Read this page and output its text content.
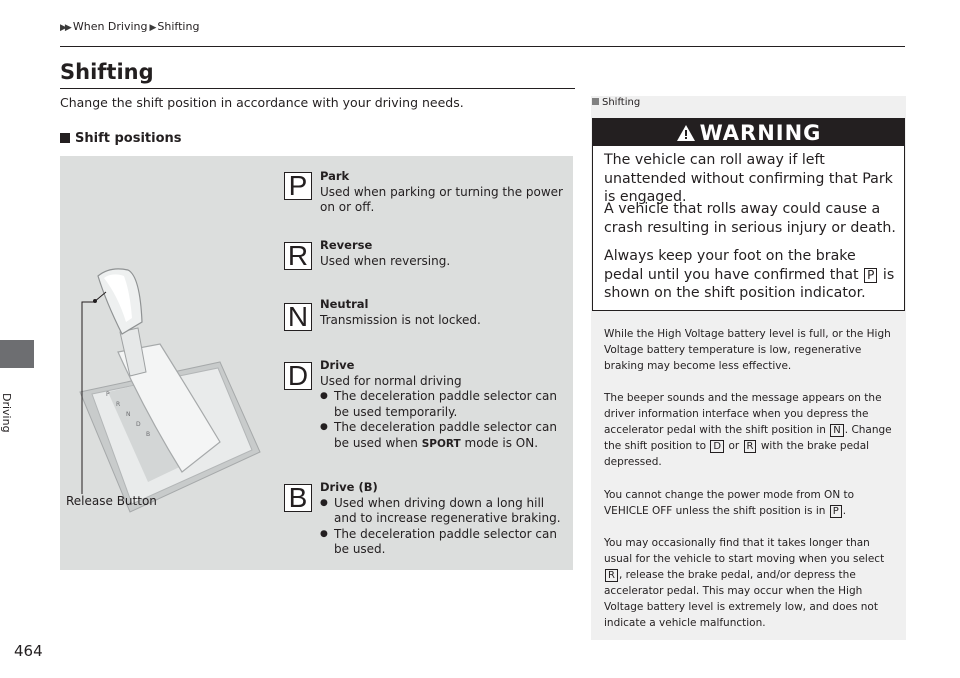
▶▶ When Driving ▶ Shifting
Driving
464
Shifting
Change the shift position in accordance with your driving needs.
Shift positions
P
R
N
D
B
Release Button
P
R
N
D
B
Park
Used when parking or turning the power on or off.
Reverse
Used when reversing.
Neutral
Transmission is not locked.
Drive
Used for normal driving
● The deceleration paddle selector can be used temporarily.
● The deceleration paddle selector can be used when SPORT mode is ON.
Drive (B)
● Used when driving down a long hill and to increase regenerative braking.
● The deceleration paddle selector can be used.
Shifting
WARNING
The vehicle can roll away if left unattended without confirming that Park is engaged.
A vehicle that rolls away could cause a crash resulting in serious injury or death.
Always keep your foot on the brake pedal until you have confirmed that P is shown on the shift position indicator.
While the High Voltage battery level is full, or the High Voltage battery temperature is low, regenerative braking may become less effective.
The beeper sounds and the message appears on the driver information interface when you depress the accelerator pedal with the shift position in N . Change the shift position to D or R with the brake pedal depressed.
You cannot change the power mode from ON to VEHICLE OFF unless the shift position is in P .
You may occasionally find that it takes longer than usual for the vehicle to start moving when you select R , release the brake pedal, and/or depress the accelerator pedal. This may occur when the High Voltage battery level is extremely low, and does not indicate a vehicle malfunction.
